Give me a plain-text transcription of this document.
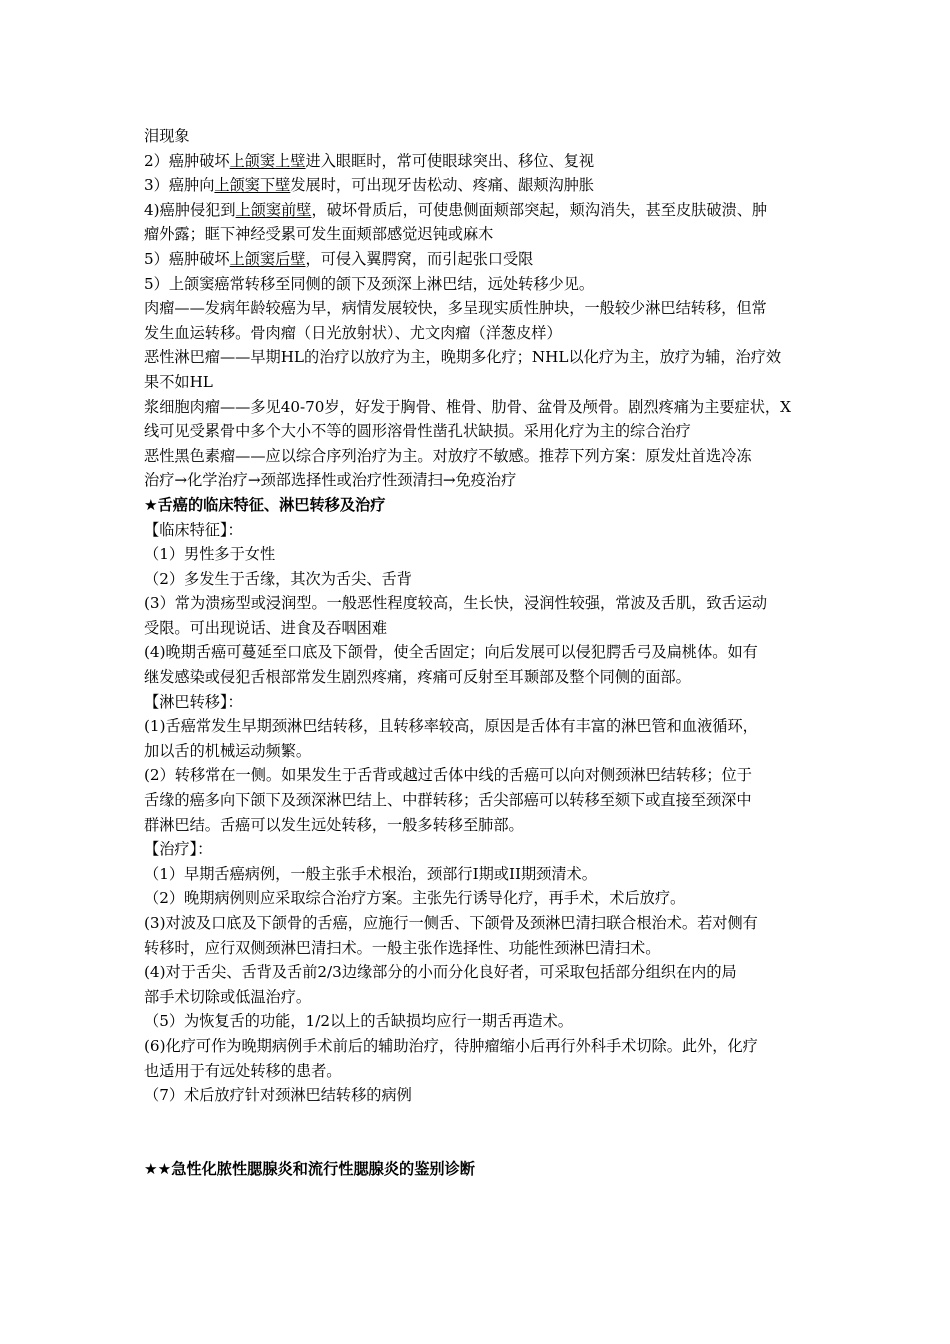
泪现象
2）癌肿破坏上颌窦上壁进入眼眶时，常可使眼球突出、移位、复视
3）癌肿向上颌窦下壁发展时，可出现牙齿松动、疼痛、龈颊沟肿胀
4)癌肿侵犯到上颌窦前壁，破坏骨质后，可使患侧面颊部突起，颊沟消失，甚至皮肤破溃、肿
瘤外露；眶下神经受累可发生面颊部感觉迟钝或麻木
5）癌肿破坏上颌窦后壁，可侵入翼腭窝，而引起张口受限
5）上颌窦癌常转移至同侧的颌下及颈深上淋巴结，远处转移少见。
肉瘤——发病年龄较癌为早，病情发展较快，多呈现实质性肿块，一般较少淋巴结转移，但常
发生血运转移。骨肉瘤（日光放射状）、尤文肉瘤（洋葱皮样）
恶性淋巴瘤——早期HL的治疗以放疗为主，晚期多化疗；NHL以化疗为主，放疗为辅，治疗效
果不如HL
浆细胞肉瘤——多见40-70岁，好发于胸骨、椎骨、肋骨、盆骨及颅骨。剧烈疼痛为主要症状，X
线可见受累骨中多个大小不等的圆形溶骨性凿孔状缺损。采用化疗为主的综合治疗
恶性黑色素瘤——应以综合序列治疗为主。对放疗不敏感。推荐下列方案：原发灶首选冷冻
治疗→化学治疗→颈部选择性或治疗性颈清扫→免疫治疗
★舌癌的临床特征、淋巴转移及治疗
【临床特征】：
（1）男性多于女性
（2）多发生于舌缘，其次为舌尖、舌背
(3）常为溃疡型或浸润型。一般恶性程度较高，生长快，浸润性较强，常波及舌肌，致舌运动
受限。可出现说话、进食及吞咽困难
(4)晚期舌癌可蔓延至口底及下颌骨，使全舌固定；向后发展可以侵犯腭舌弓及扁桃体。如有
继发感染或侵犯舌根部常发生剧烈疼痛，疼痛可反射至耳颞部及整个同侧的面部。
【淋巴转移】：
(1)舌癌常发生早期颈淋巴结转移，且转移率较高，原因是舌体有丰富的淋巴管和血液循环，
加以舌的机械运动频繁。
(2）转移常在一侧。如果发生于舌背或越过舌体中线的舌癌可以向对侧颈淋巴结转移；位于
舌缘的癌多向下颌下及颈深淋巴结上、中群转移；舌尖部癌可以转移至颏下或直接至颈深中
群淋巴结。舌癌可以发生远处转移，一般多转移至肺部。
【治疗】：
（1）早期舌癌病例，一般主张手术根治，颈部行Ⅰ期或II期颈清术。
（2）晚期病例则应采取综合治疗方案。主张先行诱导化疗，再手术，术后放疗。
(3)对波及口底及下颌骨的舌癌，应施行一侧舌、下颌骨及颈淋巴清扫联合根治术。若对侧有
转移时，应行双侧颈淋巴清扫术。一般主张作选择性、功能性颈淋巴清扫术。
(4)对于舌尖、舌背及舌前2/3边缘部分的小而分化良好者，可采取包括部分组织在内的局
部手术切除或低温治疗。
（5）为恢复舌的功能，1/2以上的舌缺损均应行一期舌再造术。
(6)化疗可作为晚期病例手术前后的辅助治疗，待肿瘤缩小后再行外科手术切除。此外，化疗
也适用于有远处转移的患者。
（7）术后放疗针对颈淋巴结转移的病例
★★急性化脓性腮腺炎和流行性腮腺炎的鉴别诊断
